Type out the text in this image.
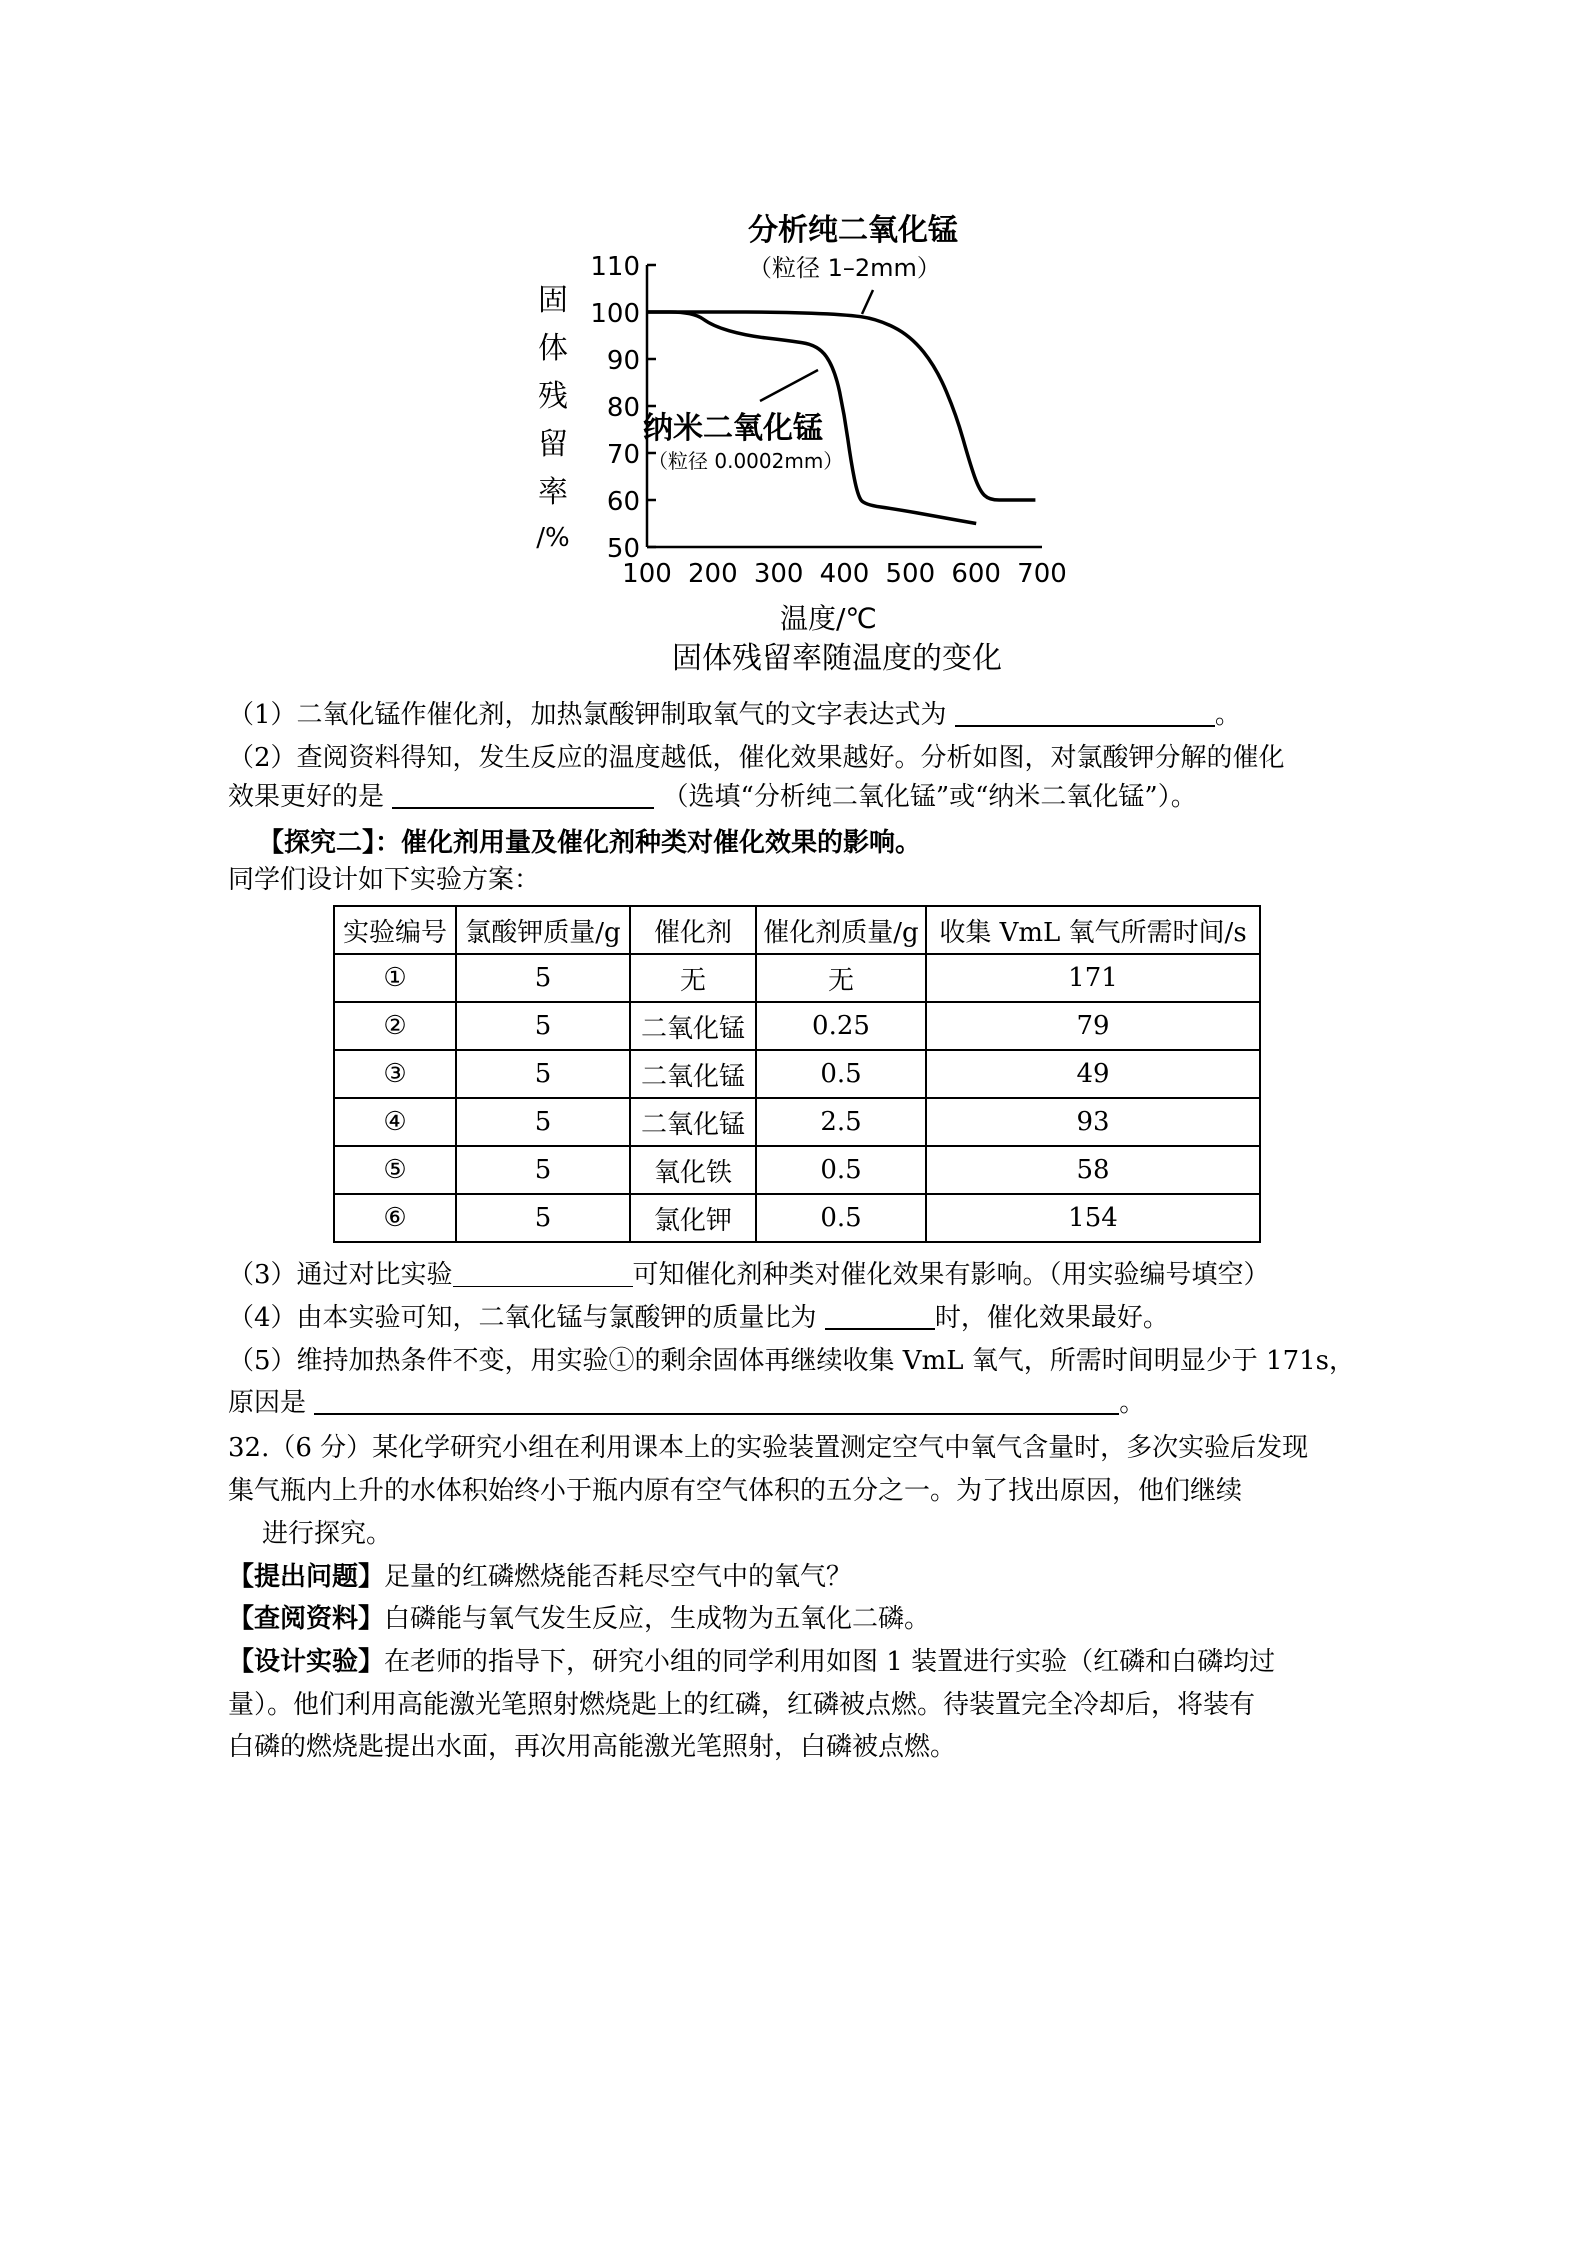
分析纯二氧化锰
（粒径 1–2mm）
纳米二氧化锰
（粒径 0.0002mm）
固
体
残
留
率
/%
110
100
90
80
70
60
50
100 200 300 400 500 600 700
温度/℃
固体残留率随温度的变化
（1）二氧化锰作催化剂，加热氯酸钾制取氧气的文字表达式为	。
（2）查阅资料得知，发生反应的温度越低，催化效果越好。分析如图，对氯酸钾分解的催化
效果更好的是	（选填“分析纯二氧化锰”或“纳米二氧化锰”）。
【探究二】：催化剂用量及催化剂种类对催化效果的影响。
同学们设计如下实验方案：
实验编号	氯酸钾质量/g	催化剂	催化剂质量/g	收集 VmL 氧气所需时间/s
①	5	无	无	171
②	5	二氧化锰	0.25	79
③	5	二氧化锰	0.5	49
④	5	二氧化锰	2.5	93
⑤	5	氧化铁	0.5	58
⑥	5	氯化钾	0.5	154
（3）通过对比实验	可知催化剂种类对催化效果有影响。（用实验编号填空）
（4）由本实验可知，二氧化锰与氯酸钾的质量比为	时，催化效果最好。
（5）维持加热条件不变，用实验①的剩余固体再继续收集 VmL 氧气，所需时间明显少于 171s，
原因是	。
32.（6 分）某化学研究小组在利用课本上的实验装置测定空气中氧气含量时，多次实验后发现
集气瓶内上升的水体积始终小于瓶内原有空气体积的五分之一。为了找出原因，他们继续
进行探究。
【提出问题】足量的红磷燃烧能否耗尽空气中的氧气？
【查阅资料】白磷能与氧气发生反应，生成物为五氧化二磷。
【设计实验】在老师的指导下，研究小组的同学利用如图 1 装置进行实验（红磷和白磷均过
量）。他们利用高能激光笔照射燃烧匙上的红磷，红磷被点燃。待装置完全冷却后，将装有
白磷的燃烧匙提出水面，再次用高能激光笔照射，白磷被点燃。
